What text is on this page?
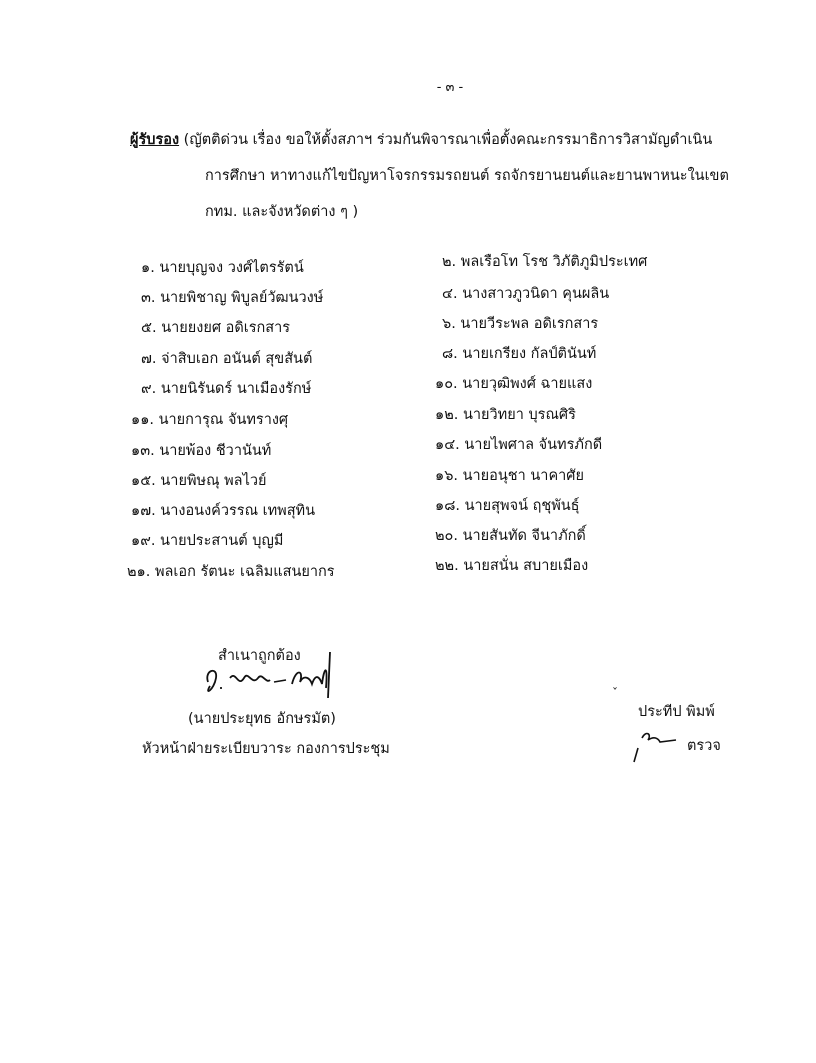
- ๓ -
ผู้รับรอง (ญัตติด่วน เรื่อง ขอให้ตั้งสภาฯ ร่วมกันพิจารณาเพื่อตั้งคณะกรรมาธิการวิสามัญดำเนิน
การศึกษา หาทางแก้ไขปัญหาโจรกรรมรถยนต์ รถจักรยานยนต์และยานพาหนะในเขต
กทม. และจังหวัดต่าง ๆ )
๑. นายบุญจง วงศ์ไตรรัตน์	๒. พลเรือโท โรช วิภัติภูมิประเทศ
๓. นายพิชาญ พิบูลย์วัฒนวงษ์	๔. นางสาวภูวนิดา คุนผลิน
๕. นายยงยศ อดิเรกสาร	๖. นายวีระพล อดิเรกสาร
๗. จ่าสิบเอก อนันต์ สุขสันต์	๘. นายเกรียง กัลป์ตินันท์
๙. นายนิรันดร์ นาเมืองรักษ์	๑๐. นายวุฒิพงศ์ ฉายแสง
๑๑. นายการุณ จันทรางศุ	๑๒. นายวิทยา บุรณศิริ
๑๓. นายพ้อง ชีวานันท์	๑๔. นายไพศาล จันทรภักดี
๑๕. นายพิษณุ พลไวย์	๑๖. นายอนุชา นาคาศัย
๑๗. นางอนงค์วรรณ เทพสุทิน	๑๘. นายสุพจน์ ฤชุพันธุ์
๑๙. นายประสานต์ บุญมี	๒๐. นายสันทัด จีนาภักดิ์
๒๑. พลเอก รัตนะ เฉลิมแสนยากร	๒๒. นายสนั่น สบายเมือง
สำเนาถูกต้อง
(นายประยุทธ อักษรมัต)
หัวหน้าฝ่ายระเบียบวาระ กองการประชุม
ˇ
ประทีป พิมพ์
ตรวจ
